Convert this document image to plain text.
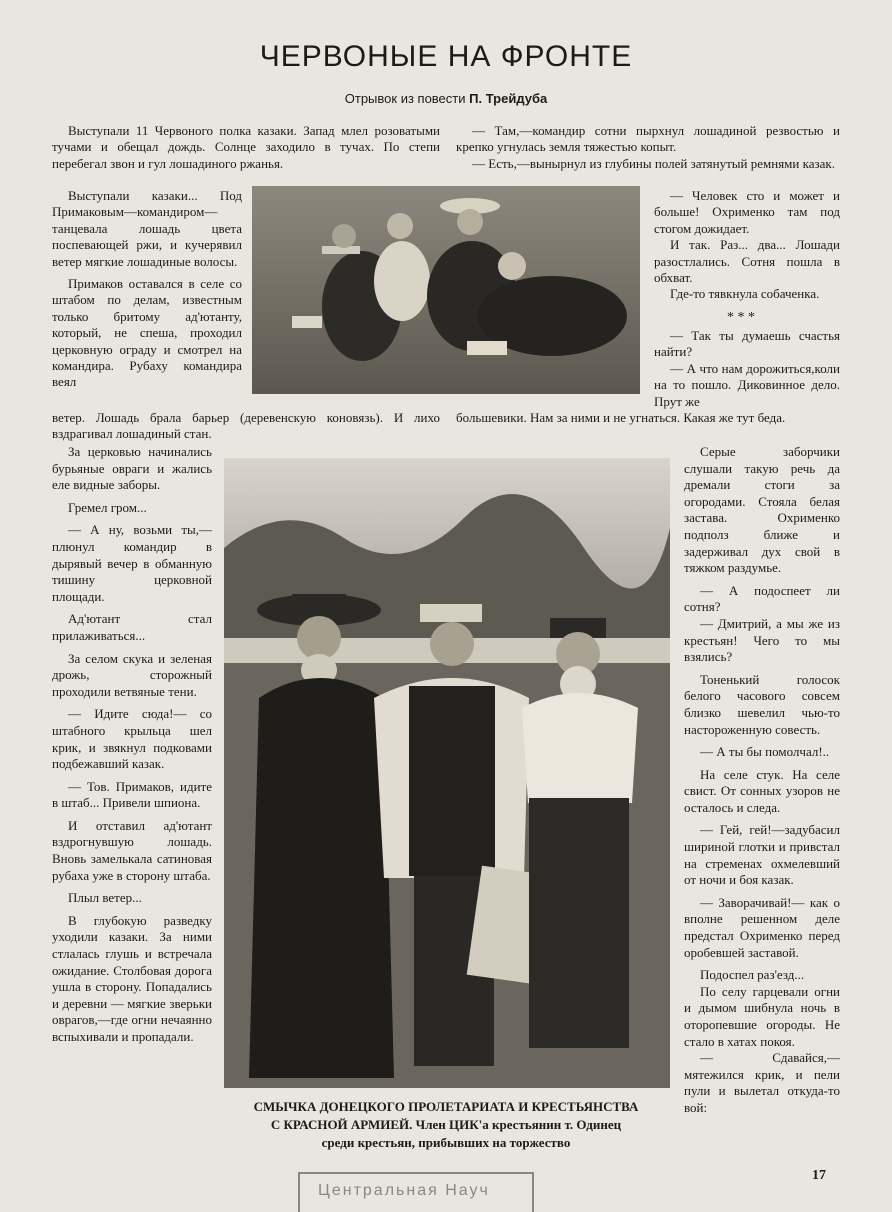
ЧЕРВОНЫЕ НА ФРОНТЕ
Отрывок из повести П. Трейдуба

Выступали 11 Червоного полка казаки. Запад млел розоватыми тучами и обещал дождь. Солнце заходило в тучах. По степи перебегал звон и гул лошадиного ржанья.

— Там,—командир сотни пырхнул лошадиной резвостью и крепко угнулась земля тяжестью копыт.

— Есть,—вынырнул из глубины полей затянутый ремнями казак.

Выступали казаки... Под Примаковым—командиром—танцевала лошадь цвета поспевающей ржи, и кучерявил ветер мягкие лошадиные волосы.

Примаков оставался в селе со штабом по делам, известным только бритому ад'ютанту, который, не спеша, проходил церковную ограду и смотрел на командира. Рубаху командира веял

— Человек сто и может и больше! Охрименко там под стогом дожидает.

И так. Раз... два... Лошади разостлались. Сотня пошла в обхват.

Где-то тявкнула собаченка.

* * *

— Так ты думаешь счастья найти?

— А что нам дорожиться,коли на то пошло. Диковинное дело. Прут же

ветер. Лошадь брала барьер (деревенскую коновязь). И лихо вздрагивал лошадиный стан.

большевики. Нам за ними и не угнаться. Какая же тут беда.

За церковью начинались бурьяные овраги и жались еле видные заборы.

Гремел гром...

— А ну, возьми ты,—плюнул командир в дырявый вечер в обманную тишину церковной площади.

Ад'ютант стал прилаживаться...

За селом скука и зеленая дрожь, сторожный проходили ветвяные тени.

— Идите сюда!— со штабного крыльца шел крик, и звякнул подковами подбежавший казак.

— Тов. Примаков, идите в штаб... Привели шпиона.

И отставил ад'ютант вздрогнувшую лошадь. Вновь замелькала сатиновая рубаха уже в сторону штаба.

Плыл ветер...

В глубокую разведку уходили казаки. За ними стлалась глушь и встречала ожидание. Столбовая дорога ушла в сторону. Попадались и деревни — мягкие зверьки оврагов,—где огни нечаянно вспыхивали и пропадали.

Серые заборчики слушали такую речь да дремали стоги за огородами. Стояла белая застава. Охрименко подполз ближе и задерживал дух свой в тяжком раздумье.

— А подоспеет ли сотня?

— Дмитрий, а мы же из крестьян! Чего то мы взялись?

Тоненький голосок белого часового совсем близко шевелил чью-то настороженную совесть.

— А ты бы помолчал!..

На селе стук. На селе свист. От сонных узоров не осталось и следа.

— Гей, гей!—задубасил шириной глотки и привстал на стременах охмелевший от ночи и боя казак.

— Заворачивай!— как о вполне решенном деле предстал Охрименко перед оробевшей заставой.

Подоспел раз'езд...

По селу гарцевали огни и дымом шибнула ночь в оторопевшие огороды. Не стало в хатах покоя.

— Сдавайся,—мятежился крик, и пели пули и вылетал откуда-то вой:

СМЫЧКА ДОНЕЦКОГО ПРОЛЕТАРИАТА И КРЕСТЬЯНСТВА
С КРАСНОЙ АРМИЕЙ. Член ЦИК'а крестьянин т. Одинец
среди крестьян, прибывших на торжество
17
Центральная Науч
